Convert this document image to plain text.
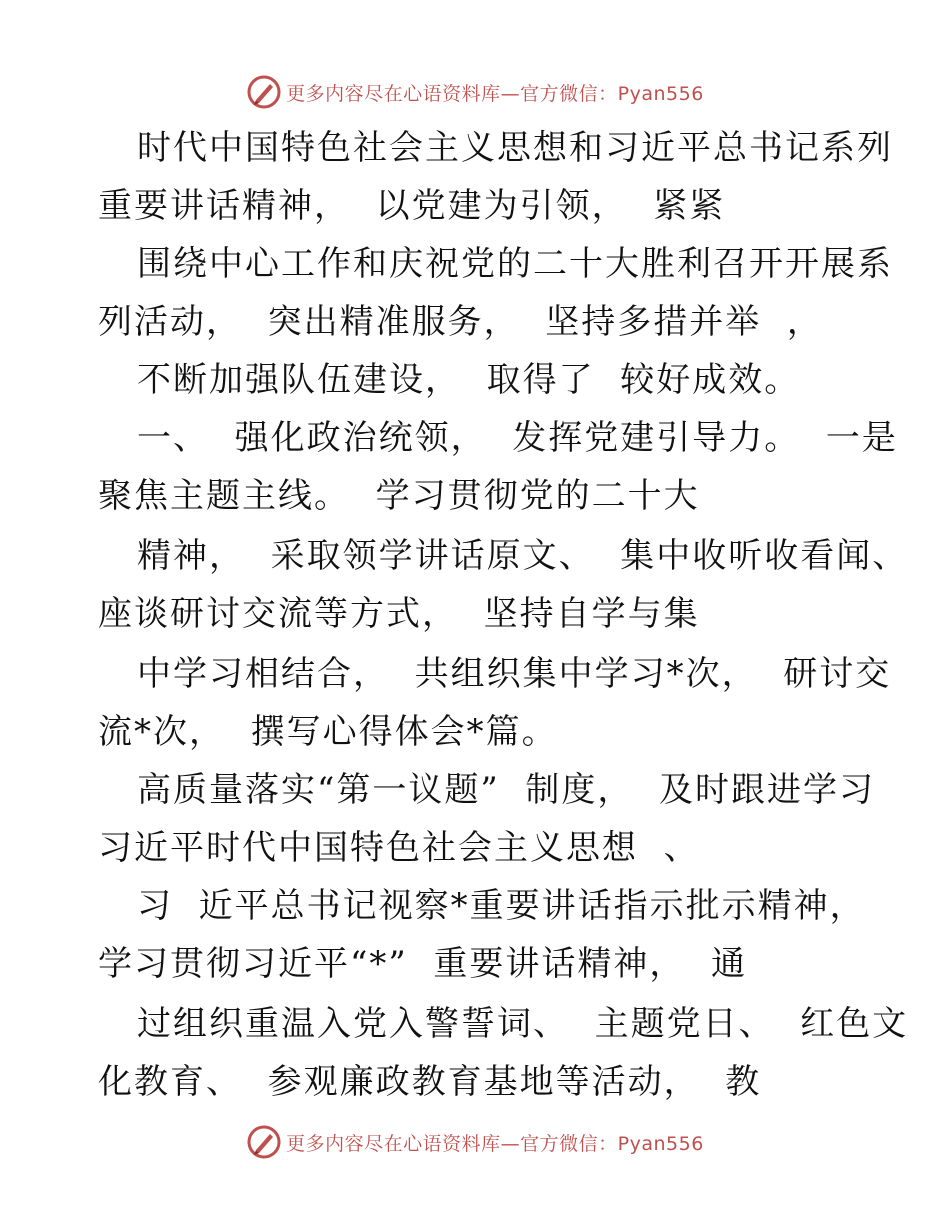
更多内容尽在心语资料库—官方微信：Pyan556
时代中国特色社会主义思想和习近平总书记系列
重要讲话精神，  以党建为引领，  紧紧
围绕中心工作和庆祝党的二十大胜利召开开展系
列活动，  突出精准服务，  坚持多措并举  ，
不断加强队伍建设，  取得了  较好成效。
一、  强化政治统领，  发挥党建引导力。  一是
聚焦主题主线。  学习贯彻党的二十大
精神，  采取领学讲话原文、  集中收听收看闻、
座谈研讨交流等方式，  坚持自学与集
中学习相结合，  共组织集中学习*次，  研讨交
流*次，  撰写心得体会*篇。
高质量落实“第一议题”  制度，  及时跟进学习
习近平时代中国特色社会主义思想  、
习  近平总书记视察*重要讲话指示批示精神，
学习贯彻习近平“*”  重要讲话精神，  通
过组织重温入党入警誓词、  主题党日、  红色文
化教育、  参观廉政教育基地等活动，  教
更多内容尽在心语资料库—官方微信：Pyan556
